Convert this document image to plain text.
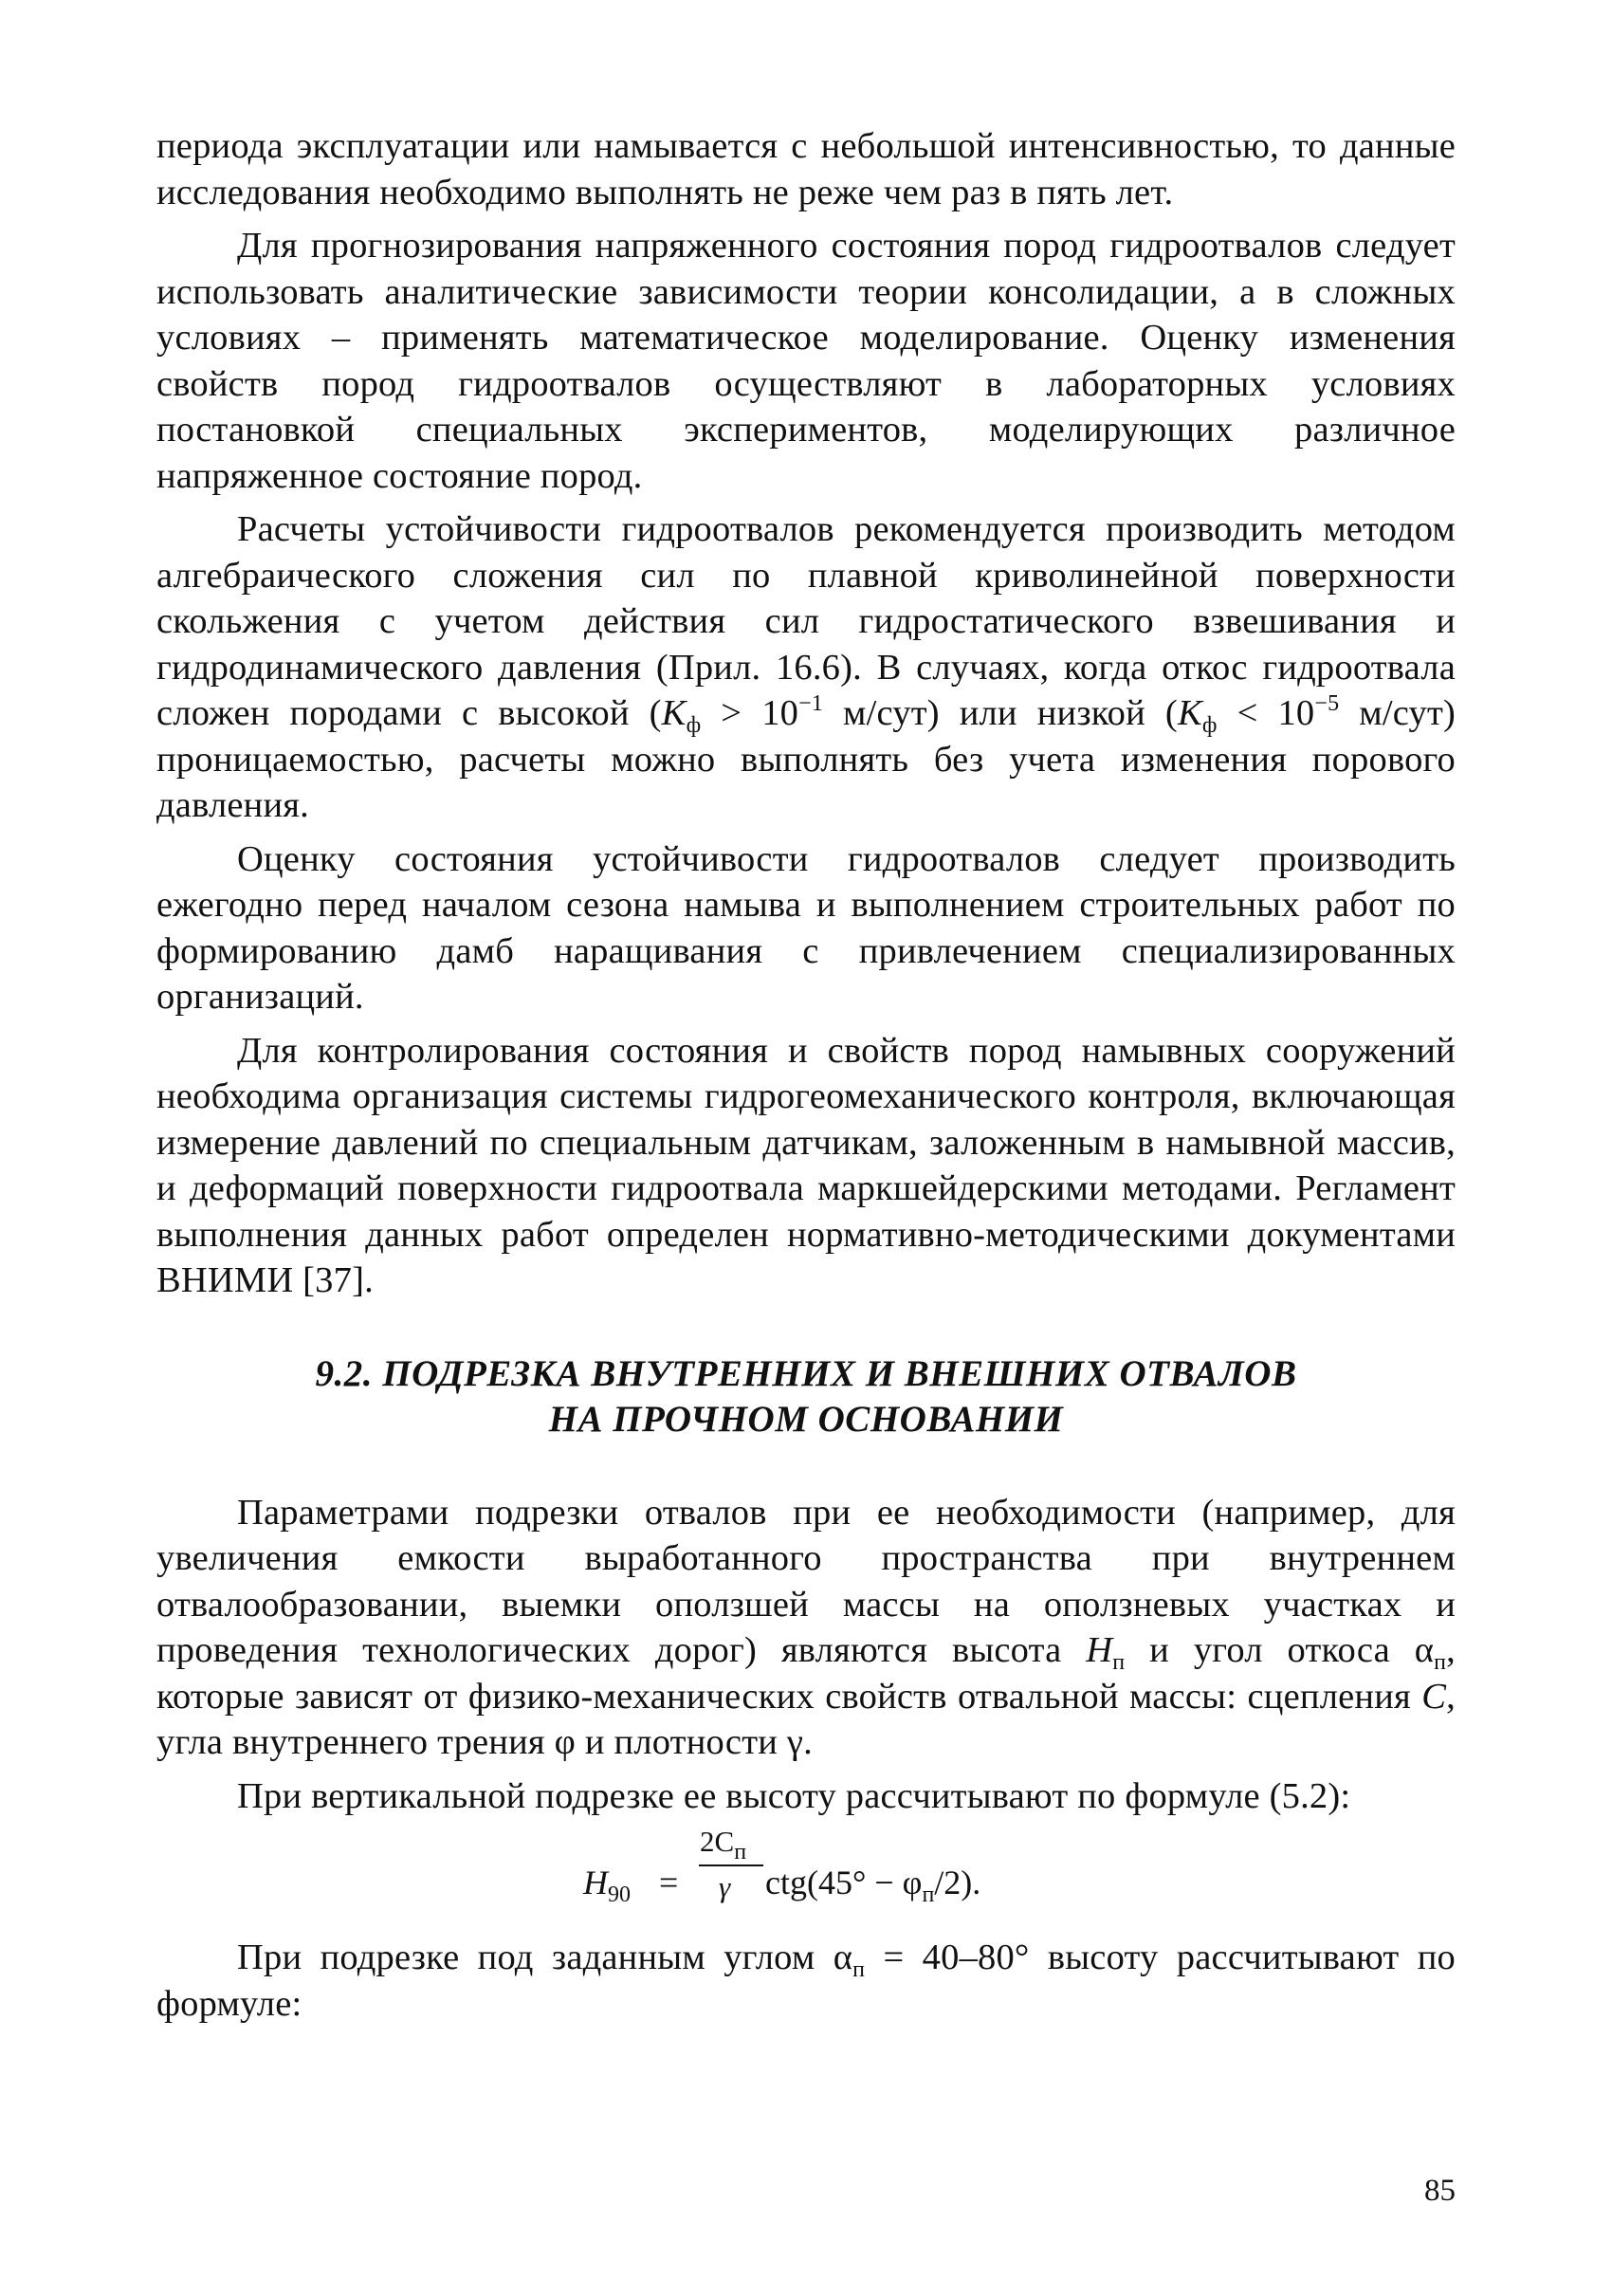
периода эксплуатации или намывается с небольшой интенсивностью, то данные исследования необходимо выполнять не реже чем раз в пять лет.

Для прогнозирования напряженного состояния пород гидроотвалов следует использовать аналитические зависимости теории консолидации, а в сложных условиях – применять математическое моделирование. Оценку изменения свойств пород гидроотвалов осуществляют в лабораторных условиях постановкой специальных экспериментов, моделирующих различное напряженное состояние пород.

Расчеты устойчивости гидроотвалов рекомендуется производить методом алгебраического сложения сил по плавной криволинейной поверхности скольжения с учетом действия сил гидростатического взвешивания и гидродинамического давления (Прил. 16.6). В случаях, когда откос гидроотвала сложен породами с высокой ($K_ф > 10^{-1}$ м/сут) или низкой ($K_ф < 10^{-5}$ м/сут) проницаемостью, расчеты можно выполнять без учета изменения порового давления.

Оценку состояния устойчивости гидроотвалов следует производить ежегодно перед началом сезона намыва и выполнением строительных работ по формированию дамб наращивания с привлечением специализированных организаций.

Для контролирования состояния и свойств пород намывных сооружений необходима организация системы гидрогеомеханического контроля, включающая измерение давлений по специальным датчикам, заложенным в намывной массив, и деформаций поверхности гидроотвала маркшейдерскими методами. Регламент выполнения данных работ определен нормативно-методическими документами ВНИМИ [37].

9.2. ПОДРЕЗКА ВНУТРЕННИХ И ВНЕШНИХ ОТВАЛОВ
НА ПРОЧНОМ ОСНОВАНИИ

Параметрами подрезки отвалов при ее необходимости (например, для увеличения емкости выработанного пространства при внутреннем отвалообразовании, выемки оползшей массы на оползневых участках и проведения технологических дорог) являются высота $H_п$ и угол откоса $\alpha_п$, которые зависят от физико-механических свойств отвальной массы: сцепления C, угла внутреннего трения φ и плотности γ.

При вертикальной подрезке ее высоту рассчитывают по формуле (5.2):

$H_{90}$ =
$2C_п$
γ $ctg(45^\circ - \varphi_п/2)$.

При подрезке под заданным углом $\alpha_п = 40-80^\circ$ высоту рассчитывают по формуле:

85
